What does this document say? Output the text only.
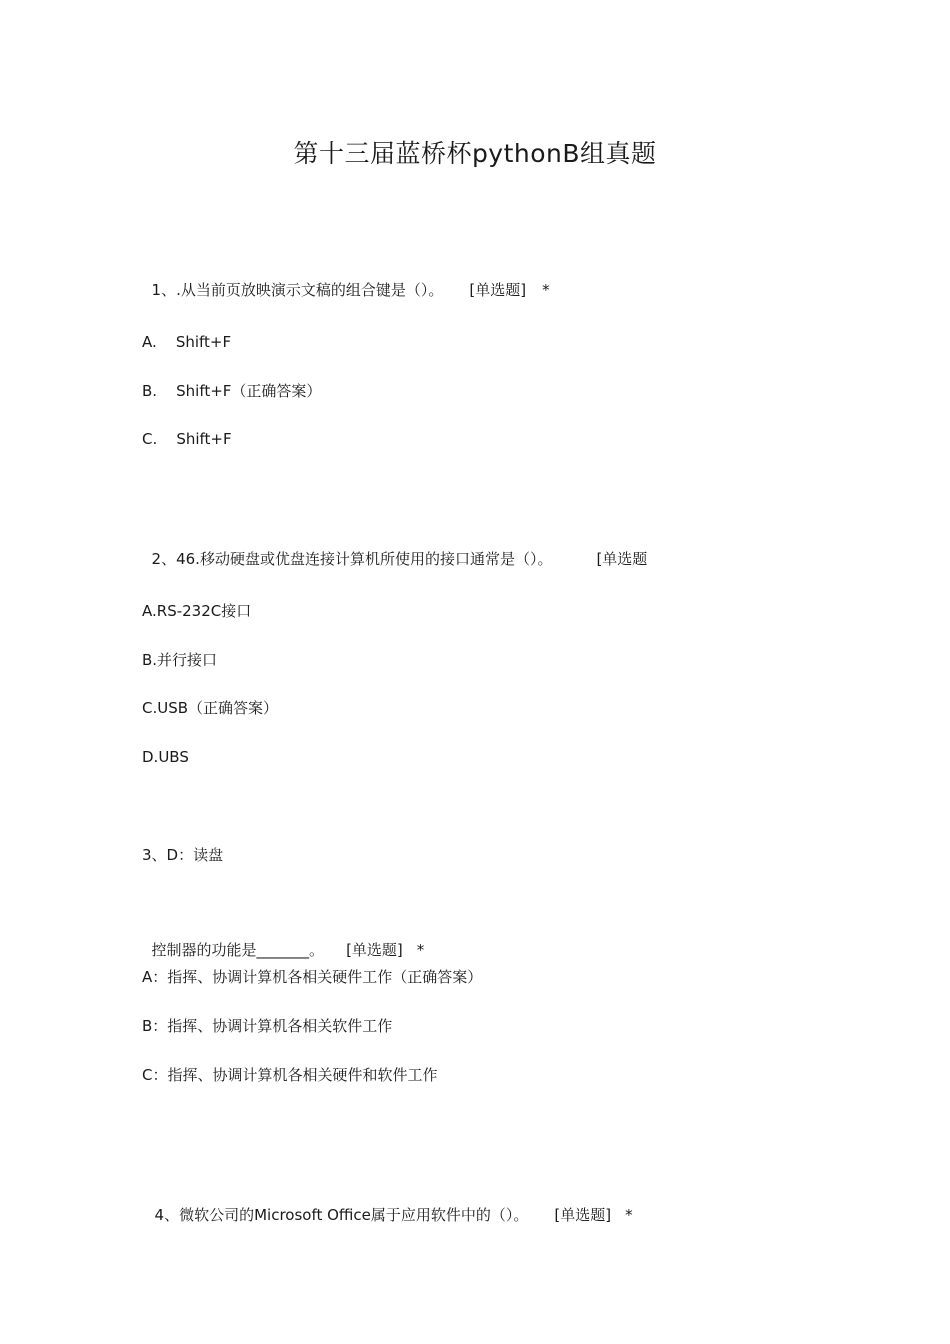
第十三届蓝桥杯pythonB组真题

1、.从当前页放映演示文稿的组合键是（）。 [单选题] *

A.    Shift+F
B.    Shift+F（正确答案）
C.    Shift+F

2、46.移动硬盘或优盘连接计算机所使用的接口通常是（）。	[单选题

A.RS-232C接口
B.并行接口
C.USB（正确答案）
D.UBS
3、D：读盘

控制器的功能是_______。 [单选题] *

A：指挥、协调计算机各相关硬件工作（正确答案）
B：指挥、协调计算机各相关软件工作
C：指挥、协调计算机各相关硬件和软件工作

4、微软公司的Microsoft Office属于应用软件中的（）。 [单选题] *
